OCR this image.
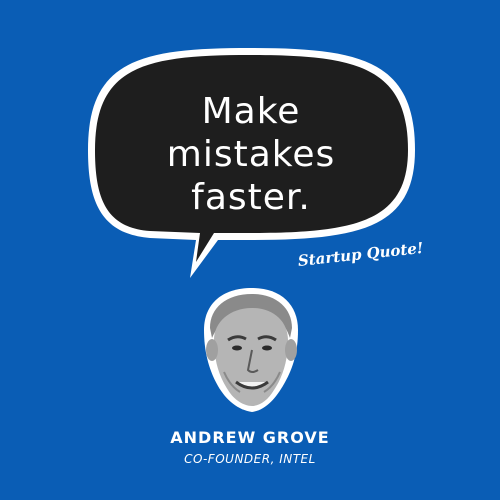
Make
mistakes
faster.
Startup Quote!
ANDREW GROVE
CO-FOUNDER, INTEL
